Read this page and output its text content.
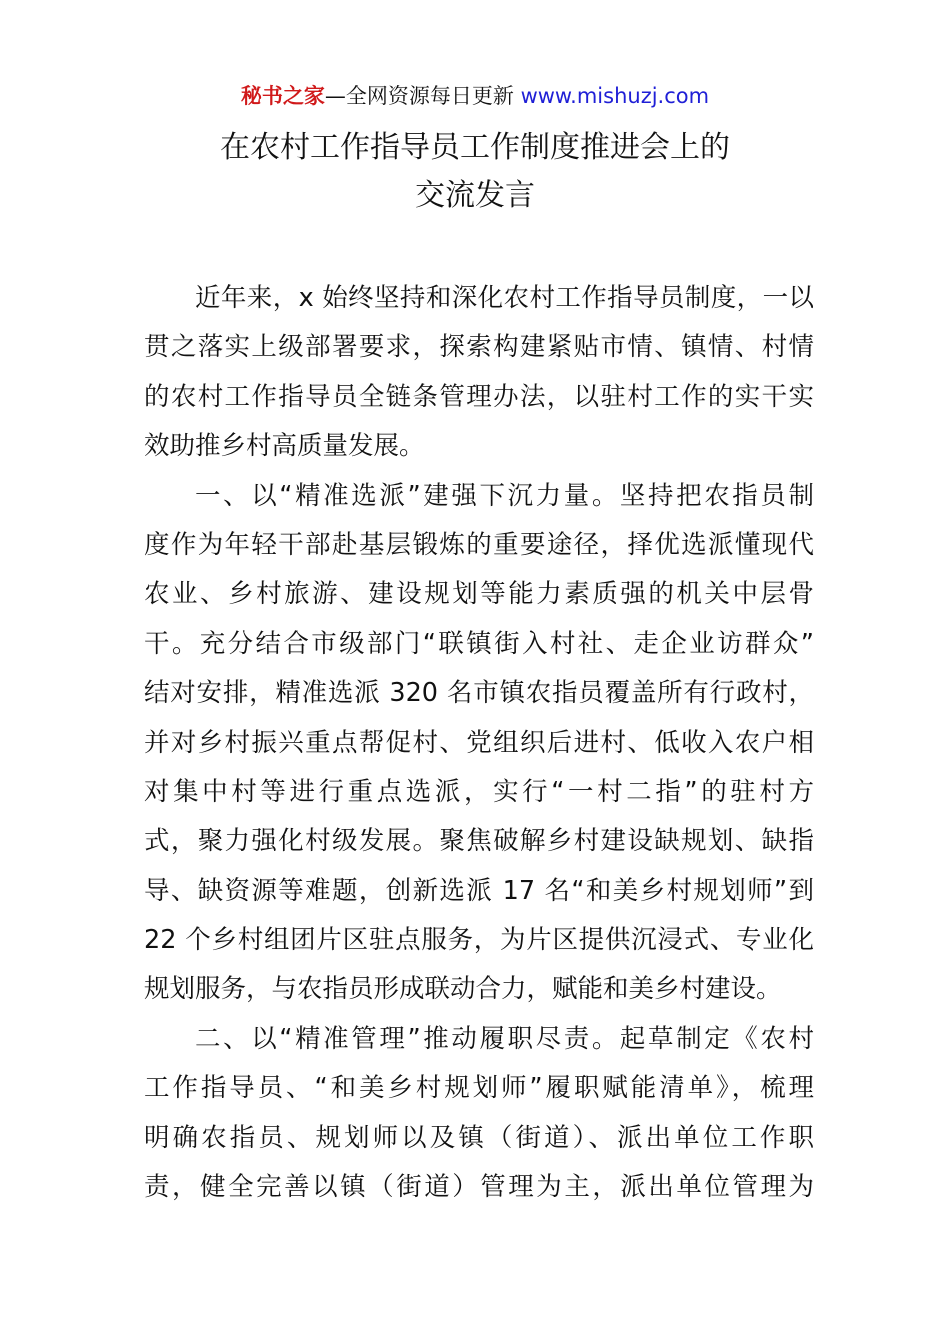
秘书之家—全网资源每日更新 www.mishuzj.com
在农村工作指导员工作制度推进会上的
交流发言
近年来，x 始终坚持和深化农村工作指导员制度，一以
贯之落实上级部署要求，探索构建紧贴市情、镇情、村情
的农村工作指导员全链条管理办法，以驻村工作的实干实
效助推乡村高质量发展。
一、以“精准选派”建强下沉力量。坚持把农指员制
度作为年轻干部赴基层锻炼的重要途径，择优选派懂现代
农业、乡村旅游、建设规划等能力素质强的机关中层骨
干。充分结合市级部门“联镇街入村社、走企业访群众”
结对安排，精准选派 320 名市镇农指员覆盖所有行政村，
并对乡村振兴重点帮促村、党组织后进村、低收入农户相
对集中村等进行重点选派，实行“一村二指”的驻村方
式，聚力强化村级发展。聚焦破解乡村建设缺规划、缺指
导、缺资源等难题，创新选派 17 名“和美乡村规划师”到
22 个乡村组团片区驻点服务，为片区提供沉浸式、专业化
规划服务，与农指员形成联动合力，赋能和美乡村建设。
二、以“精准管理”推动履职尽责。起草制定《农村
工作指导员、“和美乡村规划师”履职赋能清单》，梳理
明确农指员、规划师以及镇（街道）、派出单位工作职
责，健全完善以镇（街道）管理为主，派出单位管理为
